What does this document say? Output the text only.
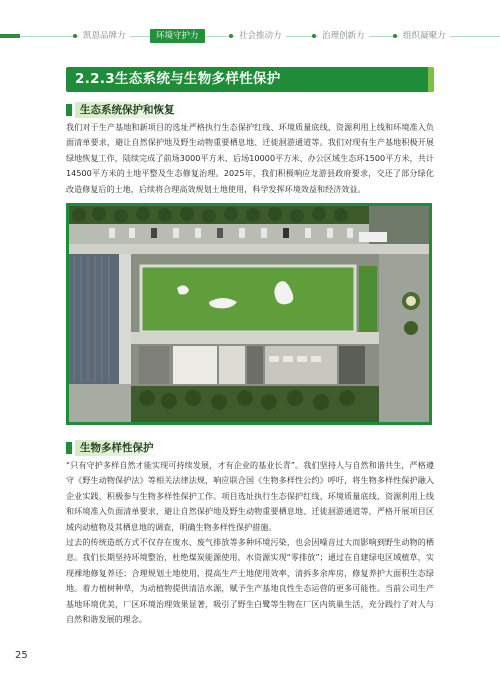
凯恩品牌力	环境守护力	社会推动力	治理创新力	组织凝聚力
2.2.3生态系统与生物多样性保护
生态系统保护和恢复
我们对于生产基地和新项目的选址严格执行生态保护红线、环境质量底线、资源利用上线和环境准入负面清单要求，避让自然保护地及野生动物重要栖息地、迁徙洄游通道等。我们对现有生产基地积极开展绿地恢复工作，陆续完成了前场3000平方米、后场10000平方米、办公区域生态环1500平方米，共计14500平方米的土地平整及生态修复治理。2025年，我们积极响应龙游县政府要求，交还了部分绿化改造修复后的土地，后续将合理高效规划土地使用，科学发挥环境效益和经济效益。
生物多样性保护
“只有守护多样自然才能实现可持续发展，才有企业的基业长青”。我们坚持人与自然和谐共生，严格遵守《野生动物保护法》等相关法律法规，响应联合国《生物多样性公约》呼吁，将生物多样性保护融入企业实践，积极参与生物多样性保护工作。项目选址执行生态保护红线、环境质量底线、资源利用上线和环境准入负面清单要求，避让自然保护地及野生动物重要栖息地、迁徙洄游通道等，严格开展项目区域内动植物及其栖息地的调查，明确生物多样性保护措施。
过去的传统造纸方式不仅存在废水、废气排放等多种环境污染，也会因噪音过大而影响到野生动物的栖息。我们长期坚持环境整治，杜绝煤炭能源使用，水资源实现“零排放”；通过在自建绿电区域植草，实现裸地修复养还；合理规划土地使用，提高生产土地使用效率，清拆多余库房，修复养护大面积生态绿地。着力植树种草，为动植物提供清洁水源，赋予生产基地良性生态运营的更多可能性。当前公司生产基地环境优美，厂区环境治理效果显著，吸引了野生白鹭等生物在厂区内筑巢生活，充分践行了对人与自然和谐发展的理念。
25
